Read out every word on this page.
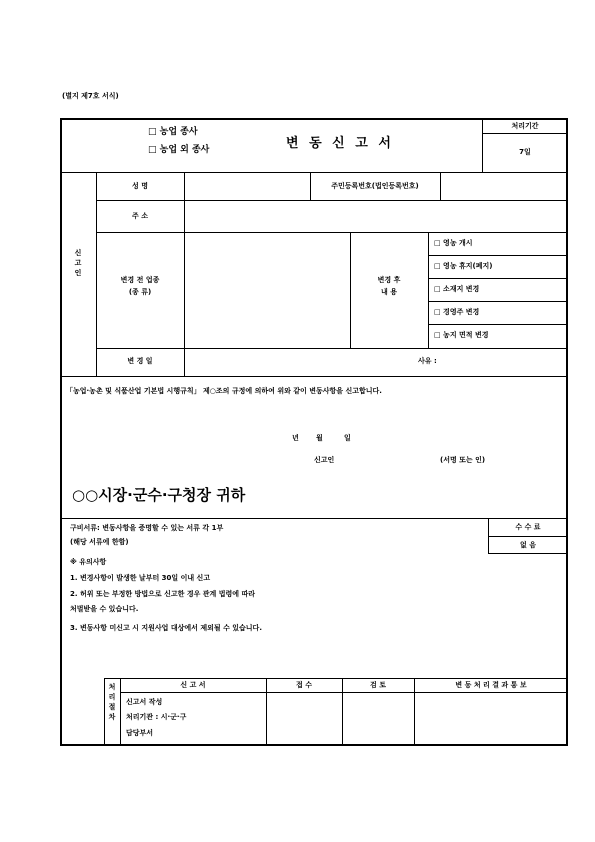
(별지 제7호 서식)
□ 농업 종사
□ 농업 외 종사	변 동 신 고 서
처리기간
7일
신 고 인
성 명	주민등록번호(법인등록번호)
주 소
변경 전 업종
(종 류)
변경 후
내 용
□ 영농 개시
□ 영농 휴지(폐지)
□ 소재지 변경
□ 경영주 변경
□ 농지 면적 변경
변 경 일	사유 :
「농업·농촌 및 식품산업 기본법 시행규칙」 제○조의 규정에 의하여 위와 같이 변동사항을 신고합니다.
년 월	일
신고인	(서명 또는 인)
○○시장·군수·구청장 귀하
구비서류: 변동사항을 증명할 수 있는 서류 각 1부
(해당 서류에 한함)
수 수 료
없 음
※ 유의사항
1. 변경사항이 발생한 날부터 30일 이내 신고
2. 허위 또는 부정한 방법으로 신고한 경우 관계 법령에 따라
처벌받을 수 있습니다.
3. 변동사항 미신고 시 지원사업 대상에서 제외될 수 있습니다.
처 리 절 차
신 고 서	접 수	검 토	변 동 처 리 결 과 통 보
신고서 작성
처리기관 : 시·군·구
담당부서
